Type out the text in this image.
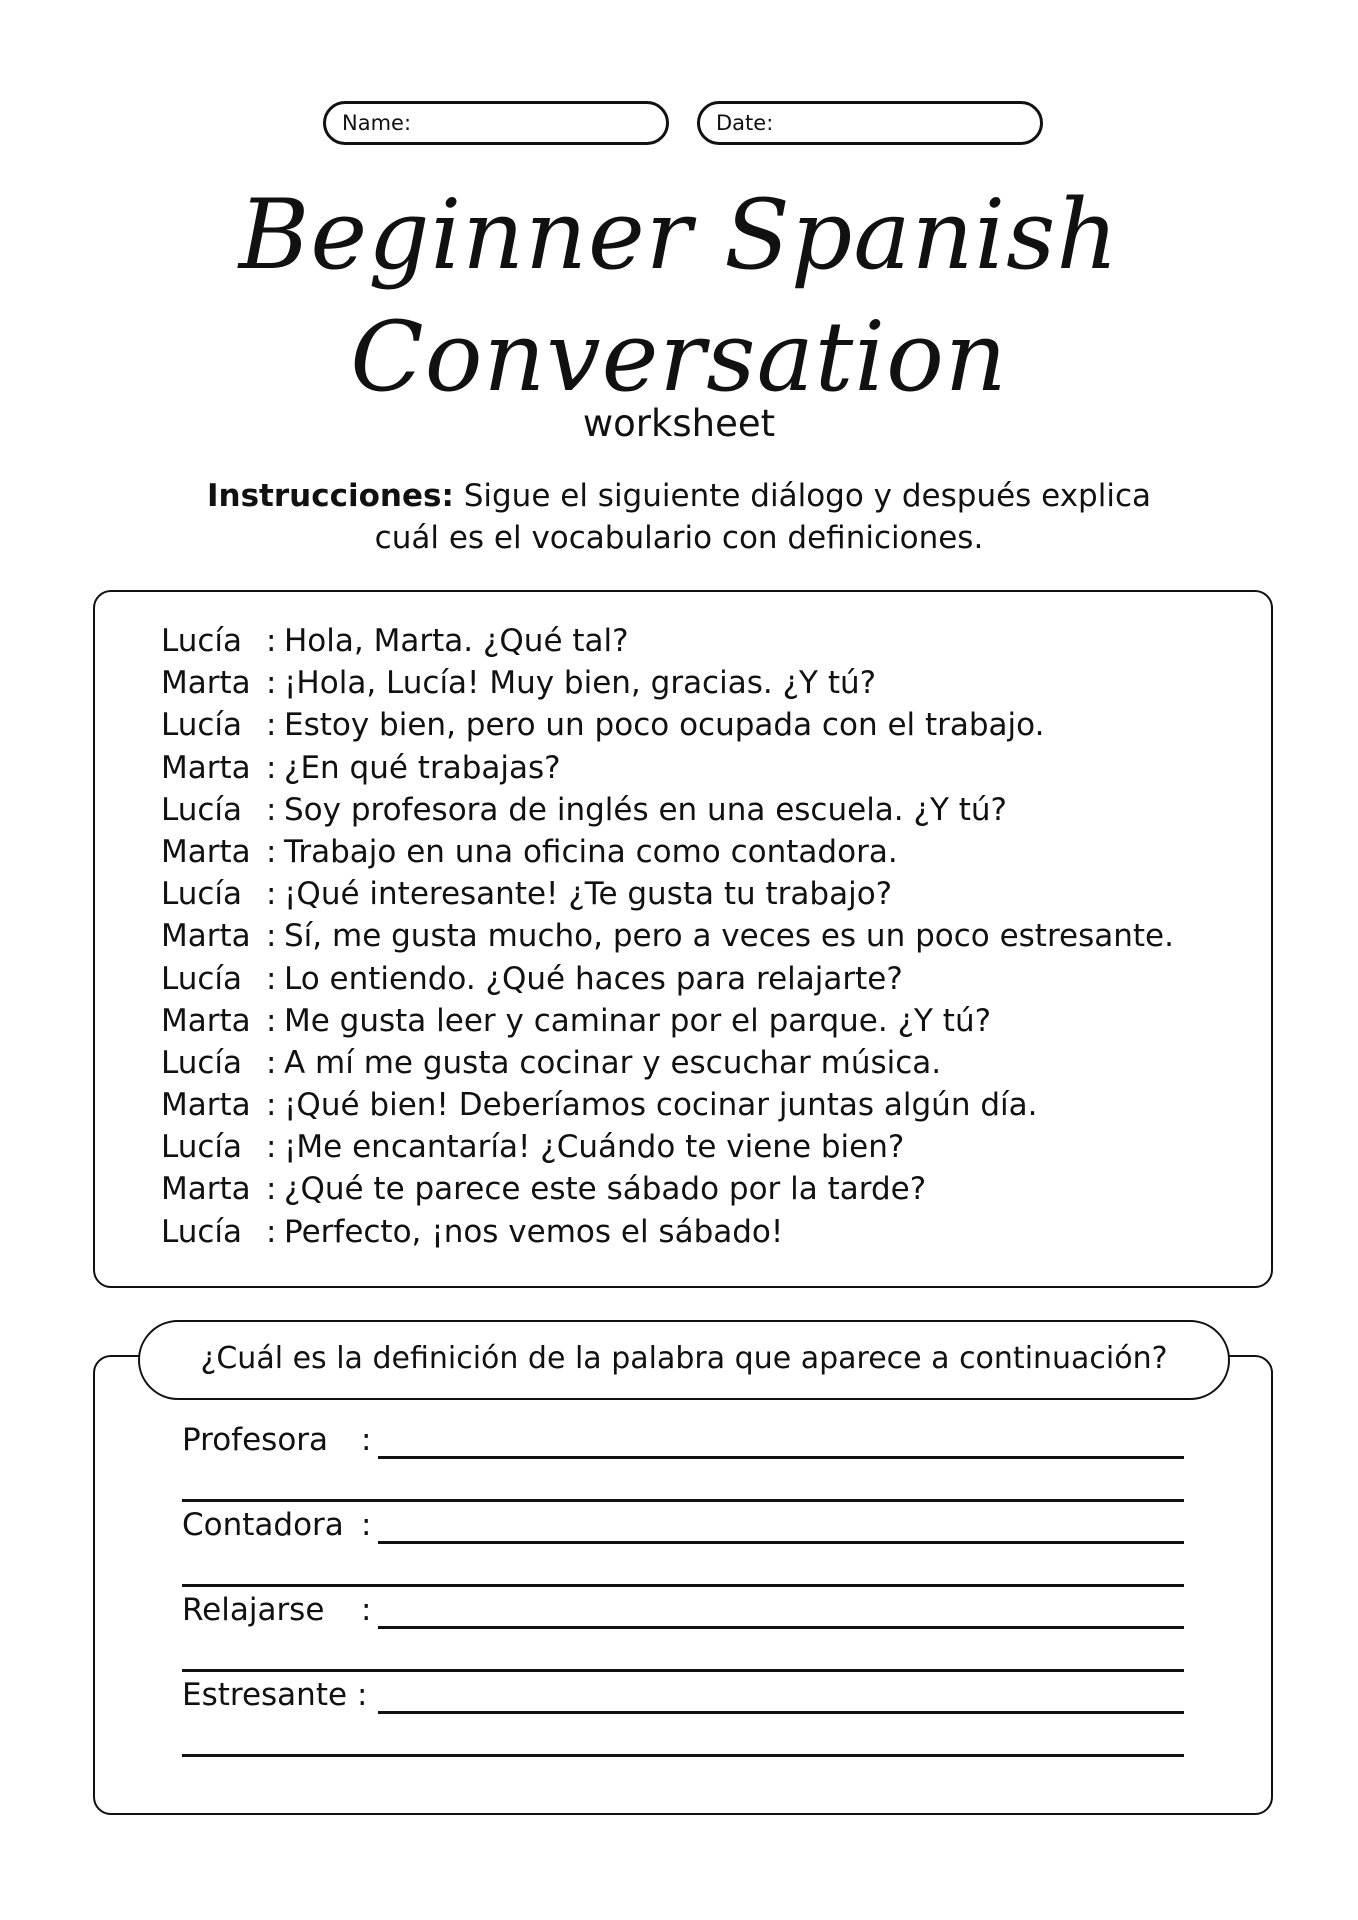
Name:	Date:
Beginner Spanish
Conversation
worksheet
Instrucciones: Sigue el siguiente diálogo y después explica
cuál es el vocabulario con definiciones.
Lucía : Hola, Marta. ¿Qué tal?
Marta : ¡Hola, Lucía! Muy bien, gracias. ¿Y tú?
Lucía : Estoy bien, pero un poco ocupada con el trabajo.
Marta : ¿En qué trabajas?
Lucía : Soy profesora de inglés en una escuela. ¿Y tú?
Marta : Trabajo en una oficina como contadora.
Lucía : ¡Qué interesante! ¿Te gusta tu trabajo?
Marta : Sí, me gusta mucho, pero a veces es un poco estresante.
Lucía : Lo entiendo. ¿Qué haces para relajarte?
Marta : Me gusta leer y caminar por el parque. ¿Y tú?
Lucía : A mí me gusta cocinar y escuchar música.
Marta : ¡Qué bien! Deberíamos cocinar juntas algún día.
Lucía : ¡Me encantaría! ¿Cuándo te viene bien?
Marta : ¿Qué te parece este sábado por la tarde?
Lucía : Perfecto, ¡nos vemos el sábado!
¿Cuál es la definición de la palabra que aparece a continuación?
Profesora :
Contadora :
Relajarse :
Estresante :
